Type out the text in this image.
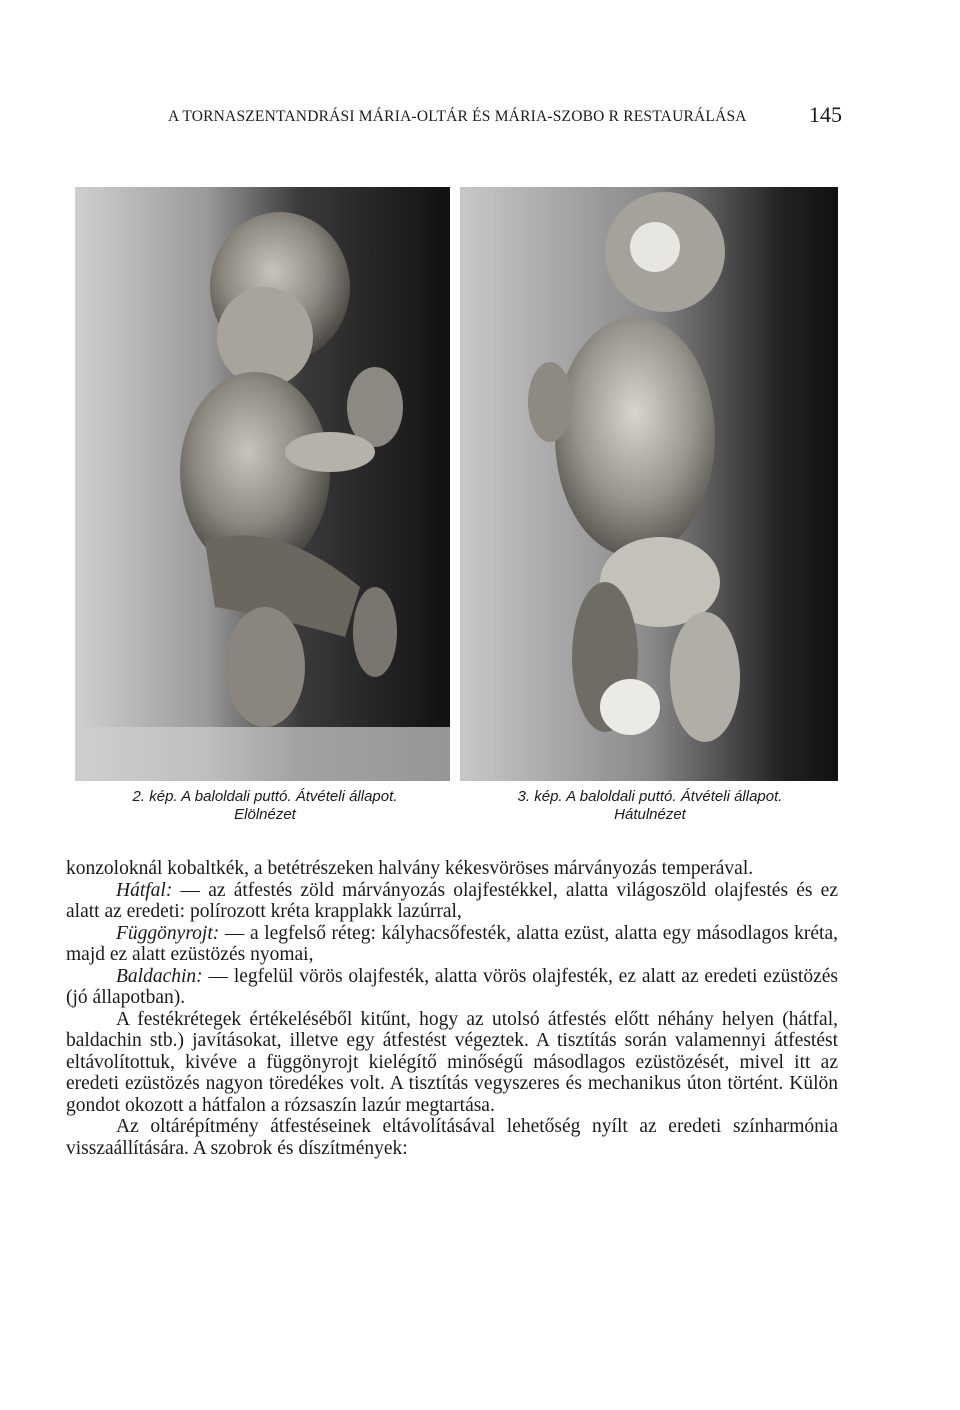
A TORNASZENTANDRÁSI MÁRIA-OLTÁR ÉS MÁRIA-SZOBO R RESTAURÁLÁSA	145
2. kép. A baloldali puttó. Átvételi állapot.
Elölnézet
3. kép. A baloldali puttó. Átvételi állapot.
Hátulnézet

konzoloknál kobaltkék, a betétrészeken halvány kékesvöröses márványozás temperával.

Hátfal: — az átfestés zöld márványozás olajfestékkel, alatta világoszöld olajfestés és ez alatt az eredeti: polírozott kréta krapplakk lazúrral,

Függönyrojt: — a legfelső réteg: kályhacsőfesték, alatta ezüst, alatta egy másodlagos kréta, majd ez alatt ezüstözés nyomai,

Baldachin: — legfelül vörös olajfesték, alatta vörös olajfesték, ez alatt az eredeti ezüstözés (jó állapotban).

A festékrétegek értékeléséből kitűnt, hogy az utolsó átfestés előtt néhány helyen (hátfal, baldachin stb.) javításokat, illetve egy átfestést végeztek. A tisztítás során valamennyi átfestést eltávolítottuk, kivéve a függönyrojt kielégítő minőségű másodlagos ezüstözését, mivel itt az eredeti ezüstözés nagyon töredékes volt. A tisztítás vegyszeres és mechanikus úton történt. Külön gondot okozott a hátfalon a rózsaszín lazúr megtartása.

Az oltárépítmény átfestéseinek eltávolításával lehetőség nyílt az eredeti színharmónia visszaállítására. A szobrok és díszítmények:
